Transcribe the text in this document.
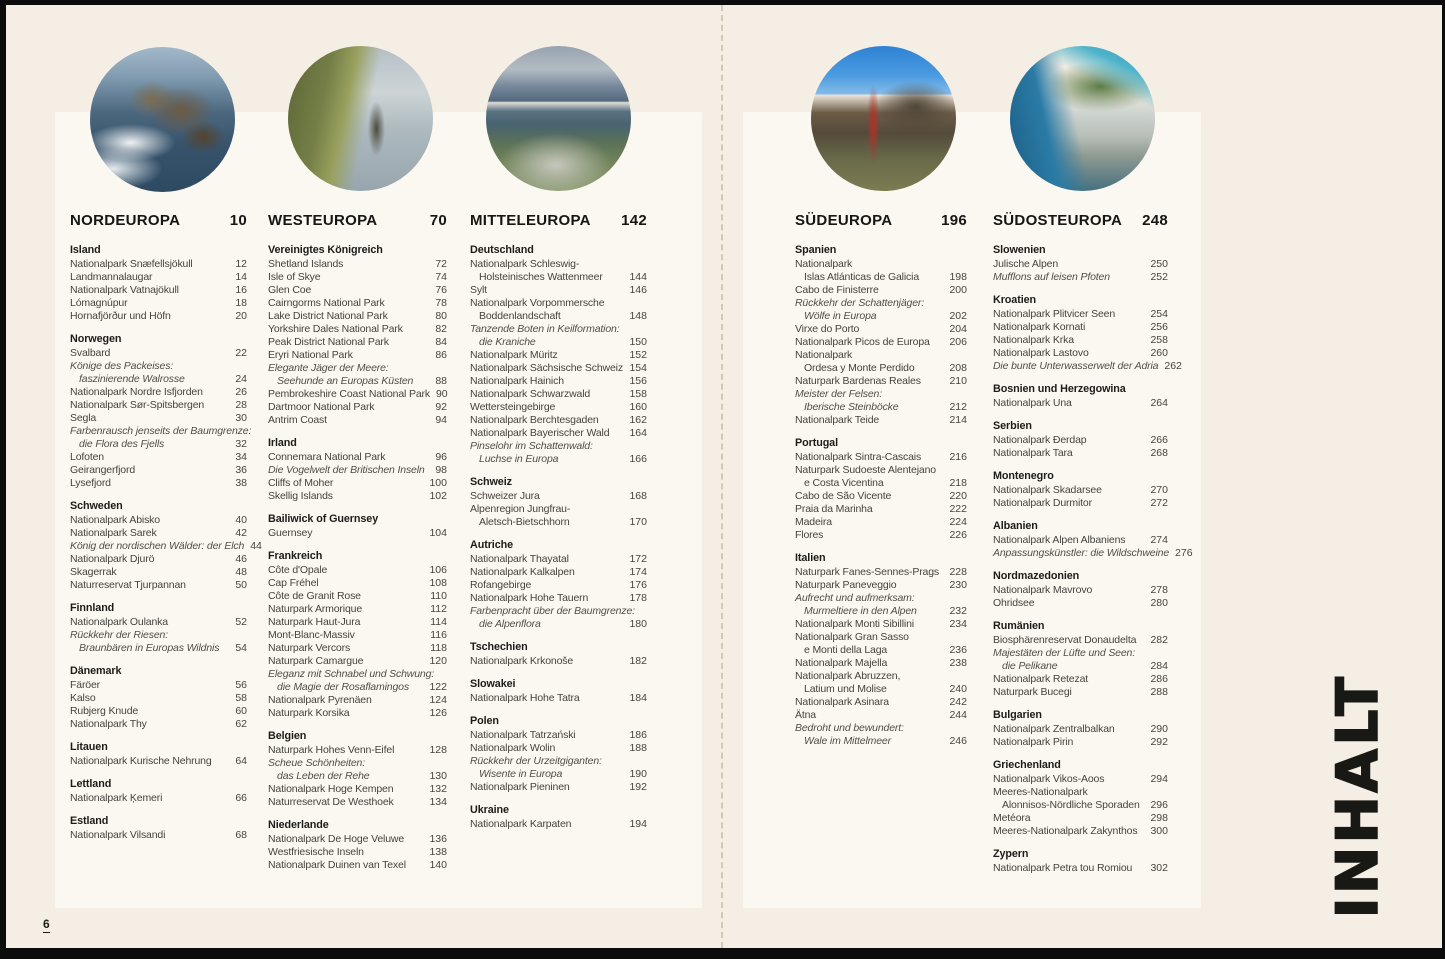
NORDEUROPA	10
Island
Nationalpark Snæfellsjökull	12
Landmannalaugar	14
Nationalpark Vatnajökull	16
Lómagnúpur	18
Hornafjörður und Höfn	20
Norwegen
Svalbard	22
Könige des Packeises:
faszinierende Walrosse	24
Nationalpark Nordre Isfjorden	26
Nationalpark Sør-Spitsbergen	28
Segla	30
Farbenrausch jenseits der Baumgrenze:
die Flora des Fjells	32
Lofoten	34
Geirangerfjord	36
Lysefjord	38
Schweden
Nationalpark Abisko	40
Nationalpark Sarek	42
König der nordischen Wälder: der Elch 44
Nationalpark Djurö	46
Skagerrak	48
Naturreservat Tjurpannan	50
Finnland
Nationalpark Oulanka	52
Rückkehr der Riesen:
Braunbären in Europas Wildnis	54
Dänemark
Färöer	56
Kalso	58
Rubjerg Knude	60
Nationalpark Thy	62
Litauen
Nationalpark Kurische Nehrung	64
Lettland
Nationalpark Ķemeri	66
Estland
Nationalpark Vilsandi	68
WESTEUROPA	70
Vereinigtes Königreich
Shetland Islands	72
Isle of Skye	74
Glen Coe	76
Cairngorms National Park	78
Lake District National Park	80
Yorkshire Dales National Park	82
Peak District National Park	84
Eryri National Park	86
Elegante Jäger der Meere:
Seehunde an Europas Küsten	88
Pembrokeshire Coast National Park 90
Dartmoor National Park	92
Antrim Coast	94
Irland
Connemara National Park	96
Die Vogelwelt der Britischen Inseln	98
Cliffs of Moher	100
Skellig Islands	102
Bailiwick of Guernsey
Guernsey	104
Frankreich
Côte d'Opale	106
Cap Fréhel	108
Côte de Granit Rose	110
Naturpark Armorique	112
Naturpark Haut-Jura	114
Mont-Blanc-Massiv	116
Naturpark Vercors	118
Naturpark Camargue	120
Eleganz mit Schnabel und Schwung:
die Magie der Rosaflamingos	122
Nationalpark Pyrenäen	124
Naturpark Korsika	126
Belgien
Naturpark Hohes Venn-Eifel	128
Scheue Schönheiten:
das Leben der Rehe	130
Nationalpark Hoge Kempen	132
Naturreservat De Westhoek	134
Niederlande
Nationalpark De Hoge Veluwe	136
Westfriesische Inseln	138
Nationalpark Duinen van Texel	140
MITTELEUROPA 142
Deutschland
Nationalpark Schleswig-
Holsteinisches Wattenmeer	144
Sylt	146
Nationalpark Vorpommersche
Boddenlandschaft	148
Tanzende Boten in Keilformation:
die Kraniche	150
Nationalpark Müritz	152
Nationalpark Sächsische Schweiz 154
Nationalpark Hainich	156
Nationalpark Schwarzwald	158
Wettersteingebirge	160
Nationalpark Berchtesgaden	162
Nationalpark Bayerischer Wald	164
Pinselohr im Schattenwald:
Luchse in Europa	166
Schweiz
Schweizer Jura	168
Alpenregion Jungfrau-
Aletsch-Bietschhorn	170
Autriche
Nationalpark Thayatal	172
Nationalpark Kalkalpen	174
Rofangebirge	176
Nationalpark Hohe Tauern	178
Farbenpracht über der Baumgrenze:
die Alpenflora	180
Tschechien
Nationalpark Krkonoše	182
Slowakei
Nationalpark Hohe Tatra	184
Polen
Nationalpark Tatrzański	186
Nationalpark Wolin	188
Rückkehr der Urzeitgiganten:
Wisente in Europa	190
Nationalpark Pieninen	192
Ukraine
Nationalpark Karpaten	194
SÜDEUROPA	196
Spanien
Nationalpark
Islas Atlánticas de Galicia	198
Cabo de Finisterre	200
Rückkehr der Schattenjäger:
Wölfe in Europa	202
Virxe do Porto	204
Nationalpark Picos de Europa	206
Nationalpark
Ordesa y Monte Perdido	208
Naturpark Bardenas Reales	210
Meister der Felsen:
Iberische Steinböcke	212
Nationalpark Teide	214
Portugal
Nationalpark Sintra-Cascais	216
Naturpark Sudoeste Alentejano
e Costa Vicentina	218
Cabo de São Vicente	220
Praia da Marinha	222
Madeira	224
Flores	226
Italien
Naturpark Fanes-Sennes-Prags 228
Naturpark Paneveggio	230
Aufrecht und aufmerksam:
Murmeltiere in den Alpen	232
Nationalpark Monti Sibillini	234
Nationalpark Gran Sasso
e Monti della Laga	236
Nationalpark Majella	238
Nationalpark Abruzzen,
Latium und Molise	240
Nationalpark Asinara	242
Ätna	244
Bedroht und bewundert:
Wale im Mittelmeer	246
SÜDOSTEUROPA 248
Slowenien
Julische Alpen	250
Mufflons auf leisen Pfoten	252
Kroatien
Nationalpark Plitvicer Seen	254
Nationalpark Kornati	256
Nationalpark Krka	258
Nationalpark Lastovo	260
Die bunte Unterwasserwelt der Adria 262
Bosnien und Herzegowina
Nationalpark Una	264
Serbien
Nationalpark Đerdap	266
Nationalpark Tara	268
Montenegro
Nationalpark Skadarsee	270
Nationalpark Durmitor	272
Albanien
Nationalpark Alpen Albaniens	274
Anpassungskünstler: die Wildschweine 276
Nordmazedonien
Nationalpark Mavrovo	278
Ohridsee	280
Rumänien
Biosphärenreservat Donaudelta	282
Majestäten der Lüfte und Seen:
die Pelikane	284
Nationalpark Retezat	286
Naturpark Bucegi	288
Bulgarien
Nationalpark Zentralbalkan	290
Nationalpark Pirin	292
Griechenland
Nationalpark Vikos-Aoos	294
Meeres-Nationalpark
Alonnisos-Nördliche Sporaden	296
Metéora	298
Meeres-Nationalpark Zakynthos	300
Zypern
Nationalpark Petra tou Romiou	302
6
INHALT
